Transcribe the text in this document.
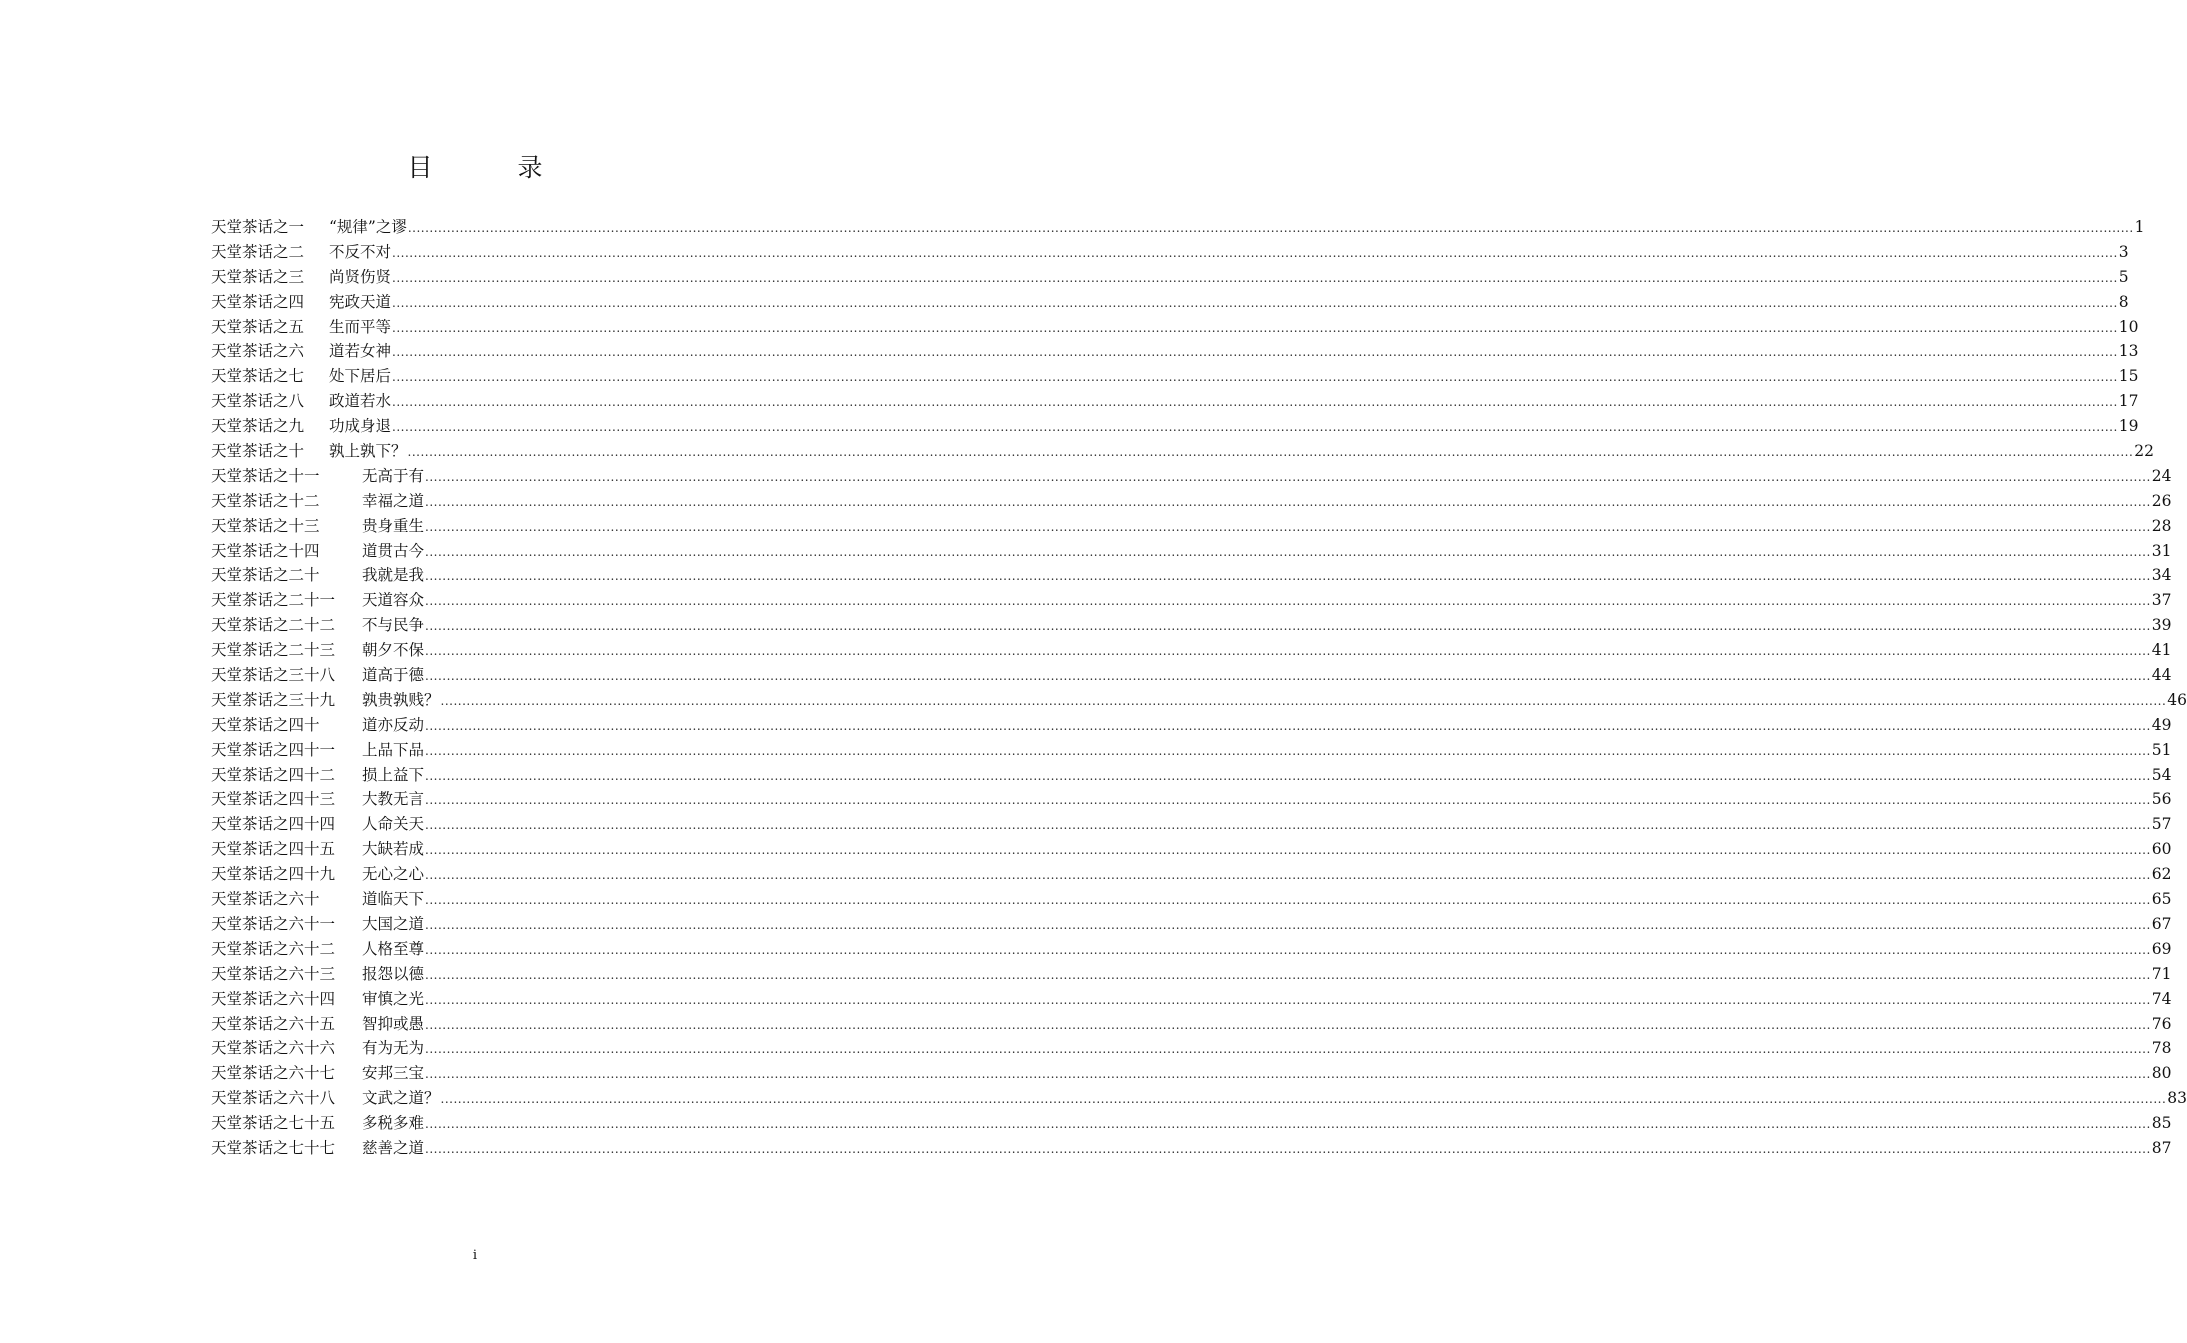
目　录
天堂茶话之一	“规律”之谬 ................................................................................................................................................................................................................................................................................................................................................................................................................ 1
天堂茶话之二	不反不对 ................................................................................................................................................................................................................................................................................................................................................................................................................ 3
天堂茶话之三	尚贤伤贤 ................................................................................................................................................................................................................................................................................................................................................................................................................ 5
天堂茶话之四	宪政天道 ................................................................................................................................................................................................................................................................................................................................................................................................................ 8
天堂茶话之五	生而平等 ................................................................................................................................................................................................................................................................................................................................................................................................................ 10
天堂茶话之六	道若女神 ................................................................................................................................................................................................................................................................................................................................................................................................................ 13
天堂茶话之七	处下居后 ................................................................................................................................................................................................................................................................................................................................................................................................................ 15
天堂茶话之八	政道若水 ................................................................................................................................................................................................................................................................................................................................................................................................................ 17
天堂茶话之九	功成身退 ................................................................................................................................................................................................................................................................................................................................................................................................................ 19
天堂茶话之十	孰上孰下？ ................................................................................................................................................................................................................................................................................................................................................................................................................ 22
天堂茶话之十一	无高于有 ................................................................................................................................................................................................................................................................................................................................................................................................................ 24
天堂茶话之十二	幸福之道 ................................................................................................................................................................................................................................................................................................................................................................................................................ 26
天堂茶话之十三	贵身重生 ................................................................................................................................................................................................................................................................................................................................................................................................................ 28
天堂茶话之十四	道贯古今 ................................................................................................................................................................................................................................................................................................................................................................................................................ 31
天堂茶话之二十	我就是我 ................................................................................................................................................................................................................................................................................................................................................................................................................ 34
天堂茶话之二十一	天道容众 ................................................................................................................................................................................................................................................................................................................................................................................................................ 37
天堂茶话之二十二	不与民争 ................................................................................................................................................................................................................................................................................................................................................................................................................ 39
天堂茶话之二十三	朝夕不保 ................................................................................................................................................................................................................................................................................................................................................................................................................ 41
天堂茶话之三十八	道高于德 ................................................................................................................................................................................................................................................................................................................................................................................................................ 44
天堂茶话之三十九	孰贵孰贱？ ................................................................................................................................................................................................................................................................................................................................................................................................................ 46
天堂茶话之四十	道亦反动 ................................................................................................................................................................................................................................................................................................................................................................................................................ 49
天堂茶话之四十一	上品下品 ................................................................................................................................................................................................................................................................................................................................................................................................................ 51
天堂茶话之四十二	损上益下 ................................................................................................................................................................................................................................................................................................................................................................................................................ 54
天堂茶话之四十三	大教无言 ................................................................................................................................................................................................................................................................................................................................................................................................................ 56
天堂茶话之四十四	人命关天 ................................................................................................................................................................................................................................................................................................................................................................................................................ 57
天堂茶话之四十五	大缺若成 ................................................................................................................................................................................................................................................................................................................................................................................................................ 60
天堂茶话之四十九	无心之心 ................................................................................................................................................................................................................................................................................................................................................................................................................ 62
天堂茶话之六十	道临天下 ................................................................................................................................................................................................................................................................................................................................................................................................................ 65
天堂茶话之六十一	大国之道 ................................................................................................................................................................................................................................................................................................................................................................................................................ 67
天堂茶话之六十二	人格至尊 ................................................................................................................................................................................................................................................................................................................................................................................................................ 69
天堂茶话之六十三	报怨以德 ................................................................................................................................................................................................................................................................................................................................................................................................................ 71
天堂茶话之六十四	审慎之光 ................................................................................................................................................................................................................................................................................................................................................................................................................ 74
天堂茶话之六十五	智抑或愚 ................................................................................................................................................................................................................................................................................................................................................................................................................ 76
天堂茶话之六十六	有为无为 ................................................................................................................................................................................................................................................................................................................................................................................................................ 78
天堂茶话之六十七	安邦三宝 ................................................................................................................................................................................................................................................................................................................................................................................................................ 80
天堂茶话之六十八	文武之道？ ................................................................................................................................................................................................................................................................................................................................................................................................................ 83
天堂茶话之七十五	多税多难 ................................................................................................................................................................................................................................................................................................................................................................................................................ 85
天堂茶话之七十七	慈善之道 ................................................................................................................................................................................................................................................................................................................................................................................................................ 87
i
